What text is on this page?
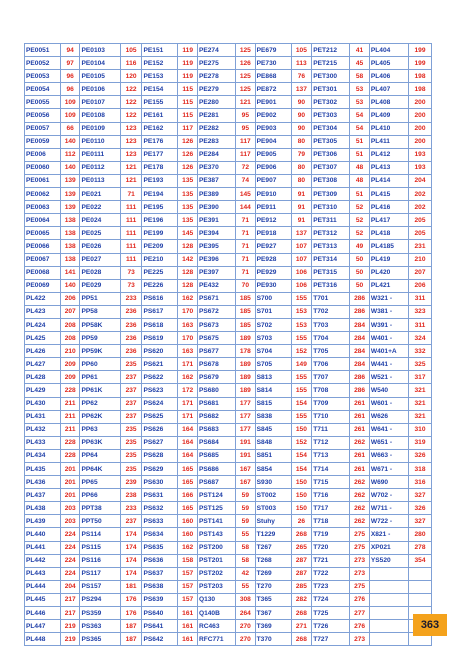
PE0051	94	PE0103	105	PE151	119	PE274	125	PE679	105	PET212	41	PL404	199
PE0052	97	PE0104	116	PE152	119	PE275	126	PE730	113	PET215	45	PL405	199
PE0053	96	PE0105	120	PE153	119	PE278	125	PE868	76	PET300	58	PL406	198
PE0054	96	PE0106	122	PE154	115	PE279	125	PE872	137	PET301	53	PL407	198
PE0055	109	PE0107	122	PE155	115	PE280	121	PE901	90	PET302	53	PL408	200
PE0056	109	PE0108	122	PE161	115	PE281	95	PE902	90	PET303	54	PL409	200
PE0057	66	PE0109	123	PE162	117	PE282	95	PE903	90	PET304	54	PL410	200
PE0059	140	PE0110	123	PE176	126	PE283	117	PE904	80	PET305	51	PL411	200
PE006	112	PE0111	123	PE177	126	PE284	117	PE905	79	PET306	51	PL412	193
PE0060	140	PE0112	121	PE178	126	PE370	72	PE906	80	PET307	48	PL413	193
PE0061	139	PE0113	121	PE193	135	PE387	74	PE907	80	PET308	48	PL414	204
PE0062	139	PE021	71	PE194	135	PE389	145	PE910	91	PET309	51	PL415	202
PE0063	139	PE022	111	PE195	135	PE390	144	PE911	91	PET310	52	PL416	202
PE0064	138	PE024	111	PE196	135	PE391	71	PE912	91	PET311	52	PL417	205
PE0065	138	PE025	111	PE199	145	PE394	71	PE918	137	PET312	52	PL418	205
PE0066	138	PE026	111	PE209	128	PE395	71	PE927	107	PET313	49	PL4185	231
PE0067	138	PE027	111	PE210	142	PE396	71	PE928	107	PET314	50	PL419	210
PE0068	141	PE028	73	PE225	128	PE397	71	PE929	106	PET315	50	PL420	207
PE0069	140	PE029	73	PE226	128	PE432	70	PE930	106	PET316	50	PL421	206
PL422	206	PP51	233	PS616	162	PS671	185	S700	155	T701	286	W321 -	311
PL423	207	PP58	236	PS617	170	PS672	185	S701	153	T702	286	W381 -	323
PL424	208	PP58K	236	PS618	163	PS673	185	S702	153	T703	284	W391 -	311
PL425	208	PP59	236	PS619	170	PS675	189	S703	155	T704	284	W401 -	324
PL426	210	PP59K	236	PS620	163	PS677	178	S704	152	T705	284	W401+A	332
PL427	209	PP60	235	PS621	171	PS678	189	S705	149	T706	284	W441 -	325
PL428	209	PP61	237	PS622	162	PS679	189	S813	155	T707	286	W521 -	317
PL429	228	PP61K	237	PS623	172	PS680	189	S814	155	T708	286	W540	321
PL430	211	PP62	237	PS624	171	PS681	177	S815	154	T709	261	W601 -	321
PL431	211	PP62K	237	PS625	171	PS682	177	S838	155	T710	261	W626	321
PL432	211	PP63	235	PS626	164	PS683	177	S845	150	T711	261	W641 -	310
PL433	228	PP63K	235	PS627	164	PS684	191	S848	152	T712	262	W651 -	319
PL434	228	PP64	235	PS628	164	PS685	191	S851	154	T713	261	W663 -	326
PL435	201	PP64K	235	PS629	165	PS686	167	S854	154	T714	261	W671 -	318
PL436	201	PP65	239	PS630	165	PS687	167	S930	150	T715	262	W690	316
PL437	201	PP66	238	PS631	166	PST124	59	ST002	150	T716	262	W702 -	327
PL438	203	PPT38	233	PS632	165	PST125	59	ST003	150	T717	262	W711 -	326
PL439	203	PPT50	237	PS633	160	PST141	59	Stuhy	26	T718	262	W722 -	327
PL440	224	PS114	174	PS634	160	PST143	55	T1229	268	T719	275	X821 -	280
PL441	224	PS115	174	PS635	162	PST200	58	T267	265	T720	275	XP021	278
PL442	224	PS116	174	PS636	158	PST201	58	T268	287	T721	273	YS520	354
PL443	224	PS117	174	PS637	157	PST202	42	T269	287	T722	273		
PL444	204	PS157	181	PS638	157	PST203	55	T270	285	T723	275		
PL445	217	PS294	176	PS639	157	Q130	308	T365	282	T724	276		
PL446	217	PS359	176	PS640	161	Q140B	264	T367	268	T725	277		
PL447	219	PS363	187	PS641	161	RC463	270	T369	271	T726	276		
PL448	219	PS365	187	PS642	161	RFC771	270	T370	268	T727	273		
363
